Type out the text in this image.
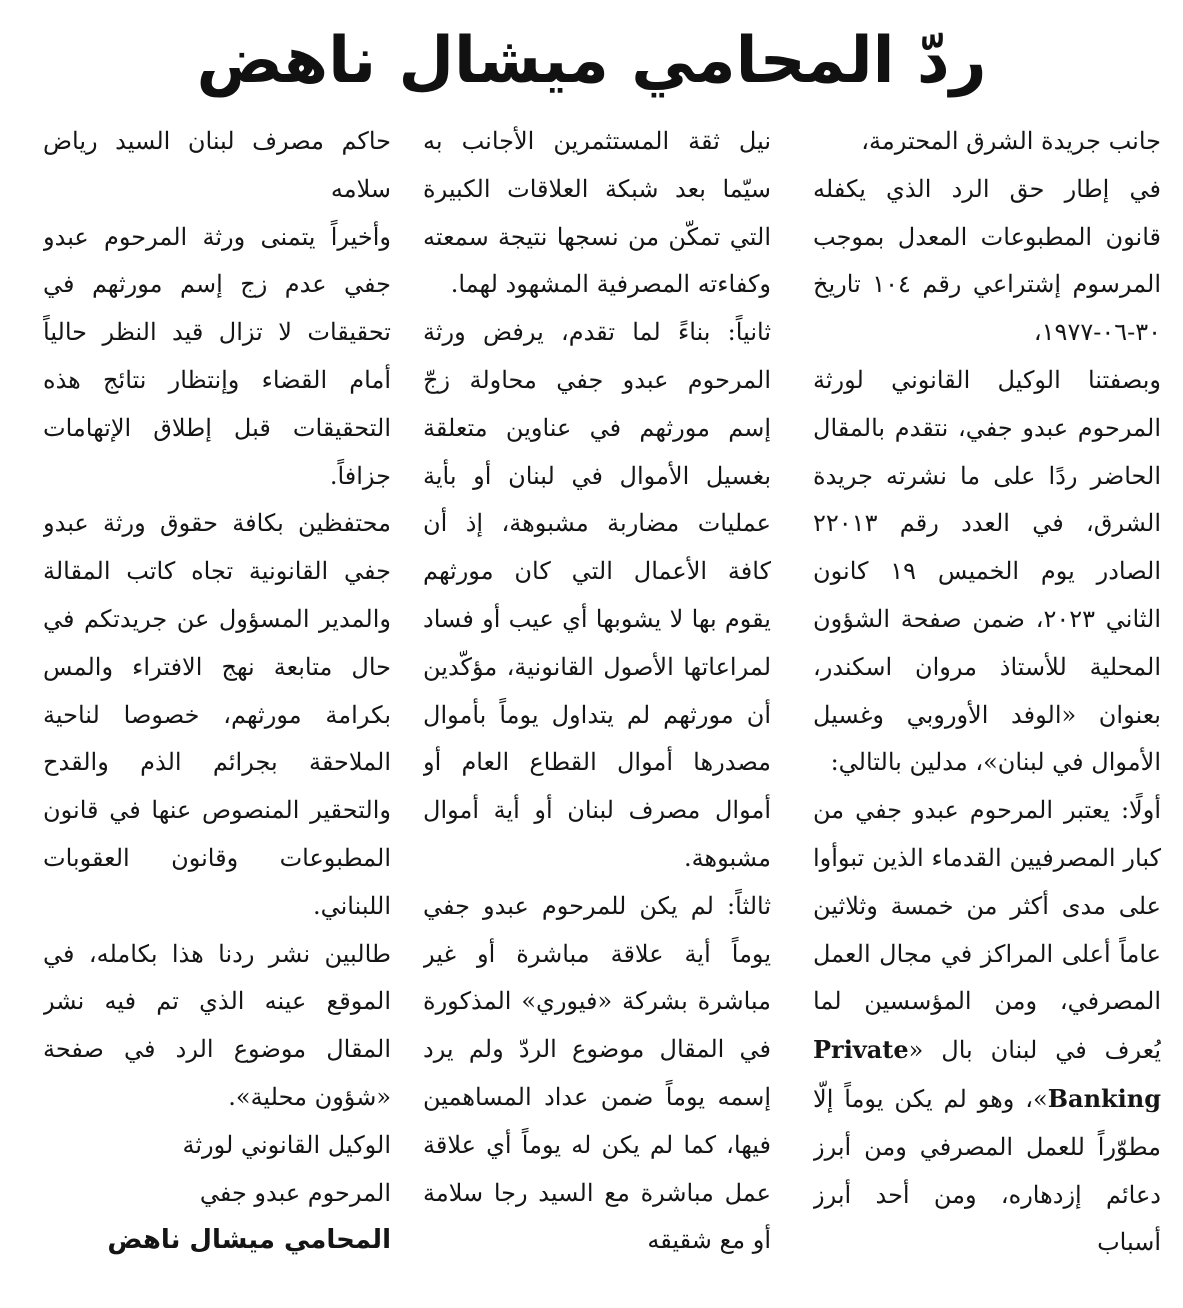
ردّ المحامي ميشال ناهض

جانب جريدة الشرق المحترمة،

في إطار حق الرد الذي يكفله قانون المطبوعات المعدل بموجب المرسوم إشتراعي رقم ١٠٤ تاريخ ٣٠-٠٦-١٩٧٧،

وبصفتنا الوكيل القانوني لورثة المرحوم عبدو جفي، نتقدم بالمقال الحاضر ردًا على ما نشرته جريدة الشرق، في العدد رقم ٢٢٠١٣ الصادر يوم الخميس ١٩ كانون الثاني ٢٠٢٣، ضمن صفحة الشؤون المحلية للأستاذ مروان اسكندر، بعنوان «الوفد الأوروبي وغسيل الأموال في لبنان»، مدلين بالتالي:

أولًا: يعتبر المرحوم عبدو جفي من كبار المصرفيين القدماء الذين تبوأوا على مدى أكثر من خمسة وثلاثين عاماً أعلى المراكز في مجال العمل المصرفي، ومن المؤسسين لما يُعرف في لبنان بال «Private Banking»، وهو لم يكن يوماً إلّا مطوّراً للعمل المصرفي ومن أبرز دعائم إزدهاره، ومن أحد أبرز أسباب

نيل ثقة المستثمرين الأجانب به سيّما بعد شبكة العلاقات الكبيرة التي تمكّن من نسجها نتيجة سمعته وكفاءته المصرفية المشهود لهما.

ثانياً: بناءً لما تقدم، يرفض ورثة المرحوم عبدو جفي محاولة زجّ إسم مورثهم في عناوين متعلقة بغسيل الأموال في لبنان أو بأية عمليات مضاربة مشبوهة، إذ أن كافة الأعمال التي كان مورثهم يقوم بها لا يشوبها أي عيب أو فساد لمراعاتها الأصول القانونية، مؤكّدين أن مورثهم لم يتداول يوماً بأموال مصدرها أموال القطاع العام أو أموال مصرف لبنان أو أية أموال مشبوهة.

ثالثاً: لم يكن للمرحوم عبدو جفي يوماً أية علاقة مباشرة أو غير مباشرة بشركة «فيوري» المذكورة في المقال موضوع الردّ ولم يرد إسمه يوماً ضمن عداد المساهمين فيها، كما لم يكن له يوماً أي علاقة عمل مباشرة مع السيد رجا سلامة أو مع شقيقه

حاكم مصرف لبنان السيد رياض سلامه

وأخيراً يتمنى ورثة المرحوم عبدو جفي عدم زج إسم مورثهم في تحقيقات لا تزال قيد النظر حالياً أمام القضاء وإنتظار نتائج هذه التحقيقات قبل إطلاق الإتهامات جزافاً.

محتفظين بكافة حقوق ورثة عبدو جفي القانونية تجاه كاتب المقالة والمدير المسؤول عن جريدتكم في حال متابعة نهج الافتراء والمس بكرامة مورثهم، خصوصا لناحية الملاحقة بجرائم الذم والقدح والتحقير المنصوص عنها في قانون المطبوعات وقانون العقوبات اللبناني.

طالبين نشر ردنا هذا بكامله، في الموقع عينه الذي تم فيه نشر المقال موضوع الرد في صفحة «شؤون محلية».

الوكيل القانوني لورثة

المرحوم عبدو جفي

المحامي ميشال ناهض
